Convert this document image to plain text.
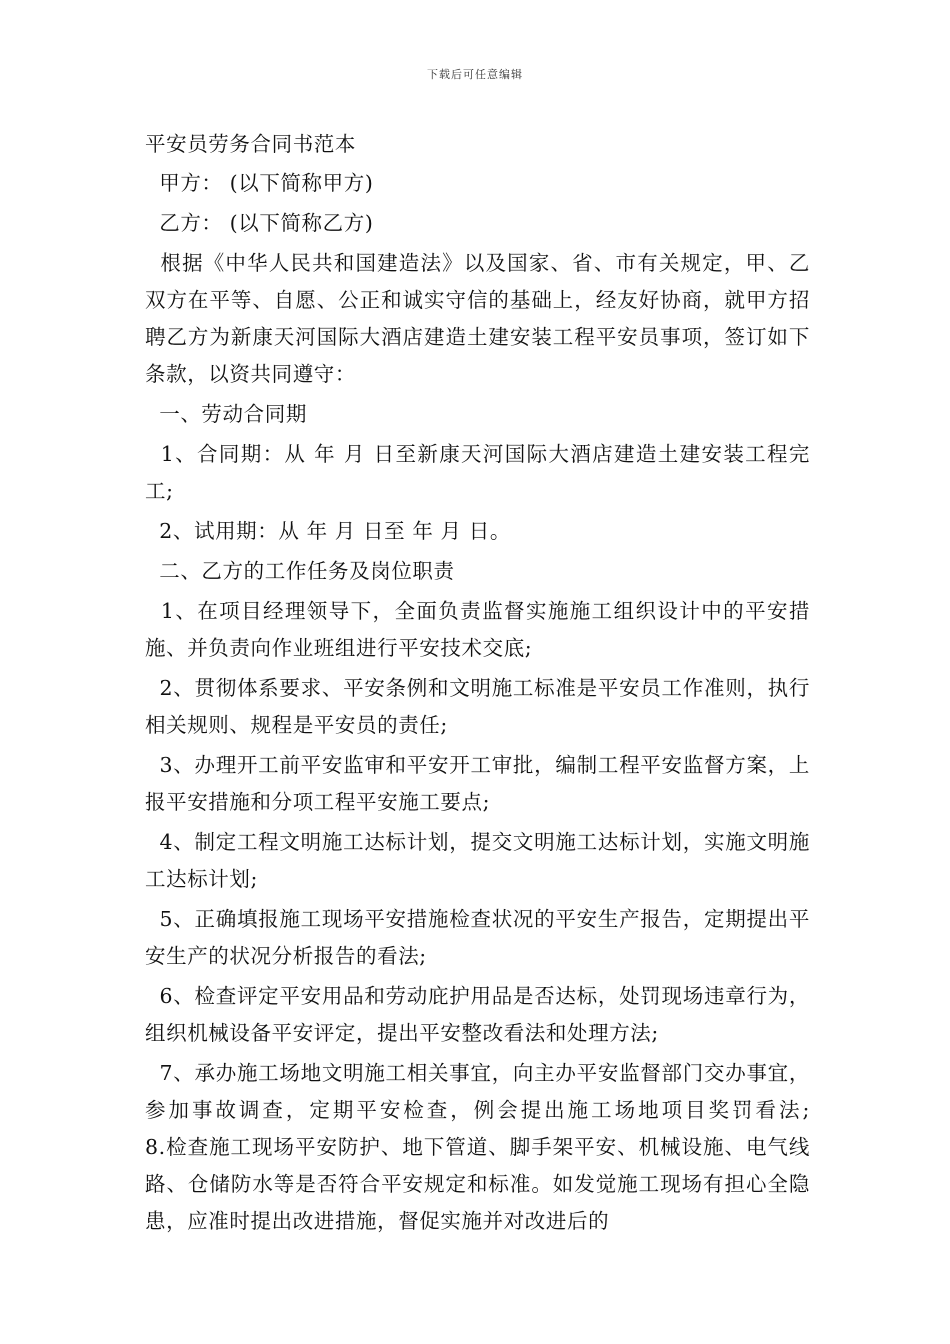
下载后可任意编辑

平安员劳务合同书范本

甲方： (以下简称甲方)

乙方： (以下简称乙方)

根据《中华人民共和国建造法》以及国家、省、市有关规定，甲、乙双方在平等、自愿、公正和诚实守信的基础上，经友好协商，就甲方招聘乙方为新康天河国际大酒店建造土建安装工程平安员事项，签订如下条款，以资共同遵守：

一、劳动合同期

1、合同期：从 年 月 日至新康天河国际大酒店建造土建安装工程完工;

2、试用期：从 年 月 日至 年 月 日。

二、乙方的工作任务及岗位职责

1、在项目经理领导下，全面负责监督实施施工组织设计中的平安措施、并负责向作业班组进行平安技术交底;

2、贯彻体系要求、平安条例和文明施工标准是平安员工作准则，执行相关规则、规程是平安员的责任;

3、办理开工前平安监审和平安开工审批，编制工程平安监督方案，上报平安措施和分项工程平安施工要点;

4、制定工程文明施工达标计划，提交文明施工达标计划，实施文明施工达标计划;

5、正确填报施工现场平安措施检查状况的平安生产报告，定期提出平安生产的状况分析报告的看法;

6、检查评定平安用品和劳动庇护用品是否达标，处罚现场违章行为，组织机械设备平安评定，提出平安整改看法和处理方法;

7、承办施工场地文明施工相关事宜，向主办平安监督部门交办事宜，参加事故调查，定期平安检查，例会提出施工场地项目奖罚看法;       8.检查施工现场平安防护、地下管道、脚手架平安、机械设施、电气线路、仓储防水等是否符合平安规定和标准。如发觉施工现场有担心全隐患，应准时提出改进措施，督促实施并对改进后的
